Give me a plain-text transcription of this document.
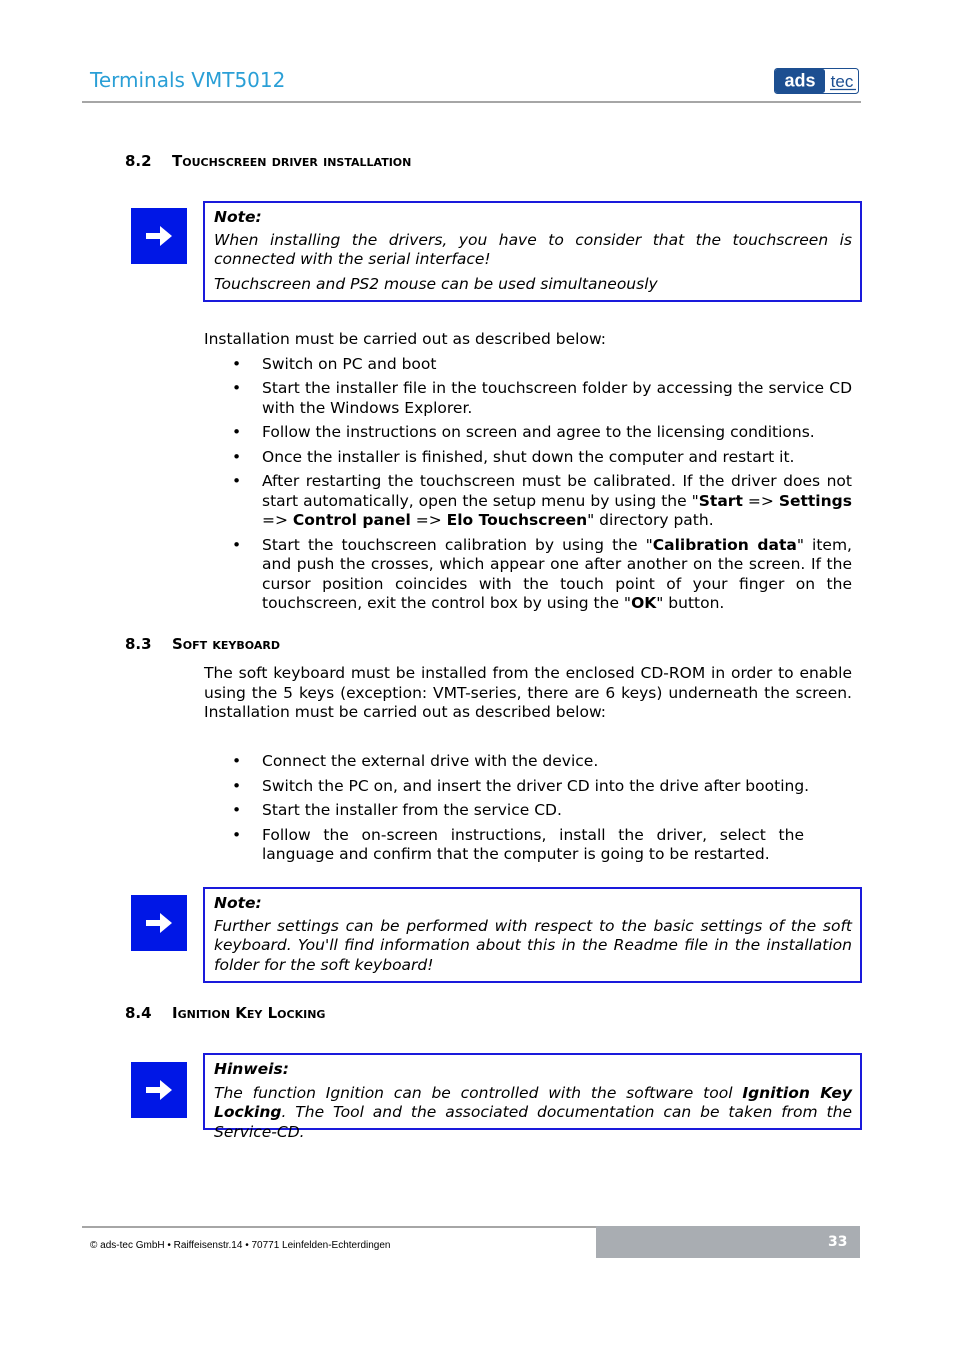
Terminals VMT5012	ads tec
8.2 Touchscreen driver installation

Note:

When installing the drivers, you have to consider that the touchscreen is connected with the serial interface!

Touchscreen and PS2 mouse can be used simultaneously

Installation must be carried out as described below:

• Switch on PC and boot
• Start the installer file in the touchscreen folder by accessing the service CD with the Windows Explorer.
• Follow the instructions on screen and agree to the licensing conditions.
• Once the installer is finished, shut down the computer and restart it.
• After restarting the touchscreen must be calibrated. If the driver does not start automatically, open the setup menu by using the "Start => Settings => Control panel => Elo Touchscreen" directory path.
• Start the touchscreen calibration by using the "Calibration data" item, and push the crosses, which appear one after another on the screen. If the cursor position coincides with the touch point of your finger on the touchscreen, exit the control box by using the "OK" button.
8.3 Soft keyboard

The soft keyboard must be installed from the enclosed CD-ROM in order to enable using the 5 keys (exception: VMT-series, there are 6 keys) underneath the screen. Installation must be carried out as described below:

• Connect the external drive with the device.
• Switch the PC on, and insert the driver CD into the drive after booting.
• Start the installer from the service CD.
• Follow the on-screen instructions, install the driver, select the language and confirm that the computer is going to be restarted.

Note:

Further settings can be performed with respect to the basic settings of the soft keyboard. You'll find information about this in the Readme file in the installation folder for the soft keyboard!

8.4 Ignition Key Locking

Hinweis:

The function Ignition can be controlled with the software tool Ignition Key Locking. The Tool and the associated documentation can be taken from the Service-CD.

33
© ads-tec GmbH • Raiffeisenstr.14 • 70771 Leinfelden-Echterdingen
